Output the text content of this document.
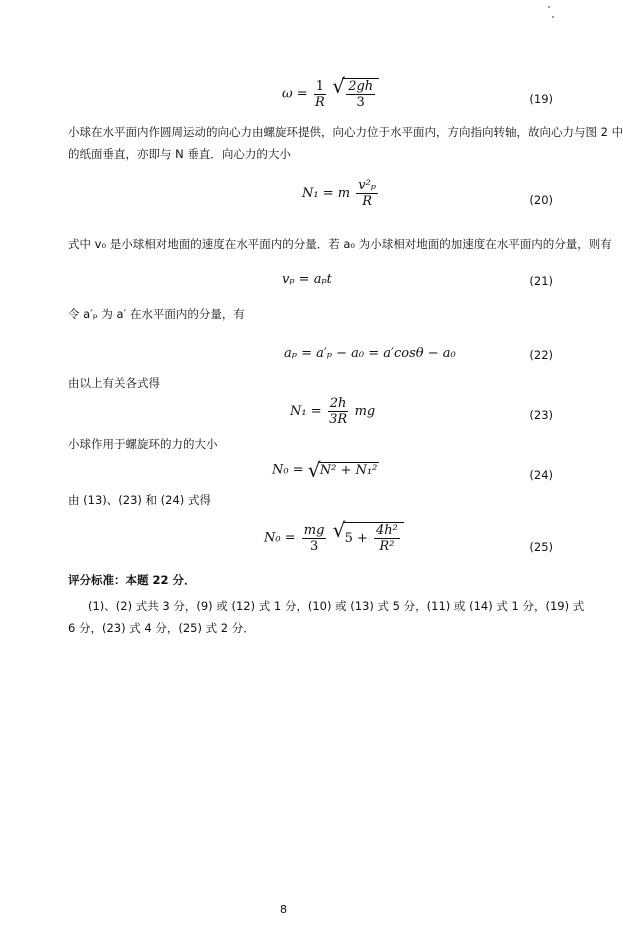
$\omega = \frac{1}{R}$
√ $\frac{2gh}{3}$	(19)
小球在水平面内作圆周运动的向心力由螺旋环提供，向心力位于水平面内，方向指向转轴，故向心力与图 2 中
的纸面垂直，亦即与 N 垂直．向心力的大小
N₁ = m $\frac{\text{v²ₚ}}{R}$	(20)
式中 v₀ 是小球相对地面的速度在水平面内的分量．若 a₀ 为小球相对地面的加速度在水平面内的分量，则有
vₚ = aₚt	(21)
令 a′ₚ 为 a′ 在水平面内的分量，有
aₚ = a′ₚ − a₀ = a′cosθ − a₀	(22)
由以上有关各式得
$N_1 = \frac{2h}{3R}$ mg	(23)
小球作用于螺旋环的力的大小
N₀ = √ N² + N₁²	(24)
由 (13)、(23) 和 (24) 式得
$N_0 = \frac{mg}{3}$
√ $5 + \frac{\text{4h²}}{\text{R²}}$	(25)
评分标准：本题 22 分．
(1)、(2) 式共 3 分，(9) 或 (12) 式 1 分，(10) 或 (13) 式 5 分，(11) 或 (14) 式 1 分，(19) 式
6 分，(23) 式 4 分，(25) 式 2 分．
8
